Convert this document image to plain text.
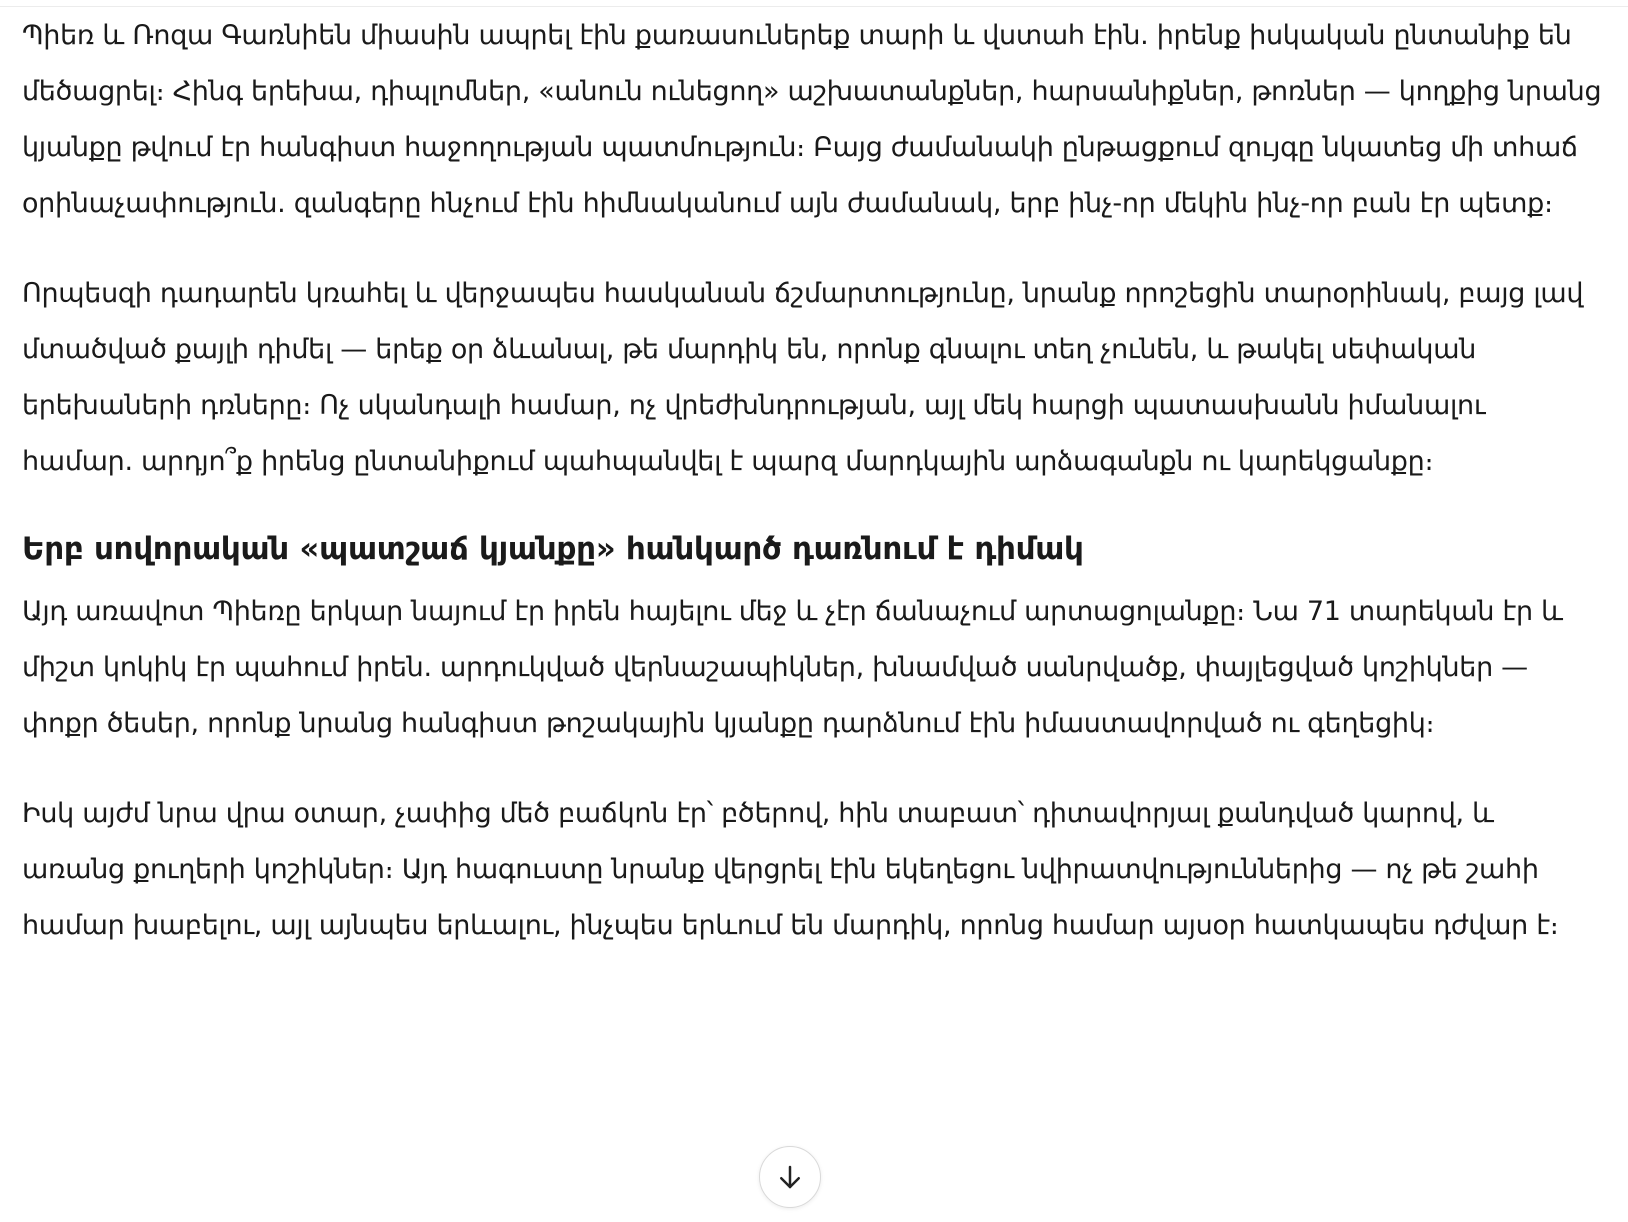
Պիեռ և Ռոզա Գառնիեն միասին ապրել էին քառասուներեք տարի և վստահ էին. իրենք իսկական ընտանիք են մեծացրել։ Հինգ երեխա, դիպլոմներ, «անուն ունեցող» աշխատանքներ, հարսանիքներ, թոռներ — կողքից նրանց կյանքը թվում էր հանգիստ հաջողության պատմություն։ Բայց ժամանակի ընթացքում զույգը նկատեց մի տհաճ օրինաչափություն. զանգերը հնչում էին հիմնականում այն ժամանակ, երբ ինչ-որ մեկին ինչ-որ բան էր պետք։

Որպեսզի դադարեն կռահել և վերջապես հասկանան ճշմարտությունը, նրանք որոշեցին տարօրինակ, բայց լավ մտածված քայլի դիմել — երեք օր ձևանալ, թե մարդիկ են, որոնք գնալու տեղ չունեն, և թակել սեփական երեխաների դռները։ Ոչ սկանդալի համար, ոչ վրեժխնդրության, այլ մեկ հարցի պատասխանն իմանալու համար. արդյո՞ք իրենց ընտանիքում պահպանվել է պարզ մարդկային արձագանքն ու կարեկցանքը։

Երբ սովորական «պատշաճ կյանքը» հանկարծ դառնում է դիմակ

Այդ առավոտ Պիեռը երկար նայում էր իրեն հայելու մեջ և չէր ճանաչում արտացոլանքը։ Նա 71 տարեկան էր և միշտ կոկիկ էր պահում իրեն. արդուկված վերնաշապիկներ, խնամված սանրվածք, փայլեցված կոշիկներ — փոքր ծեսեր, որոնք նրանց հանգիստ թոշակային կյանքը դարձնում էին իմաստավորված ու գեղեցիկ։

Իսկ այժմ նրա վրա օտար, չափից մեծ բաճկոն էր՝ բծերով, հին տաբատ՝ դիտավորյալ քանդված կարով, և առանց քուղերի կոշիկներ։ Այդ հագուստը նրանք վերցրել էին եկեղեցու նվիրատվություններից — ոչ թե շահի համար խաբելու, այլ այնպես երևալու, ինչպես երևում են մարդիկ, որոնց համար այսօր հատկապես դժվար է։
